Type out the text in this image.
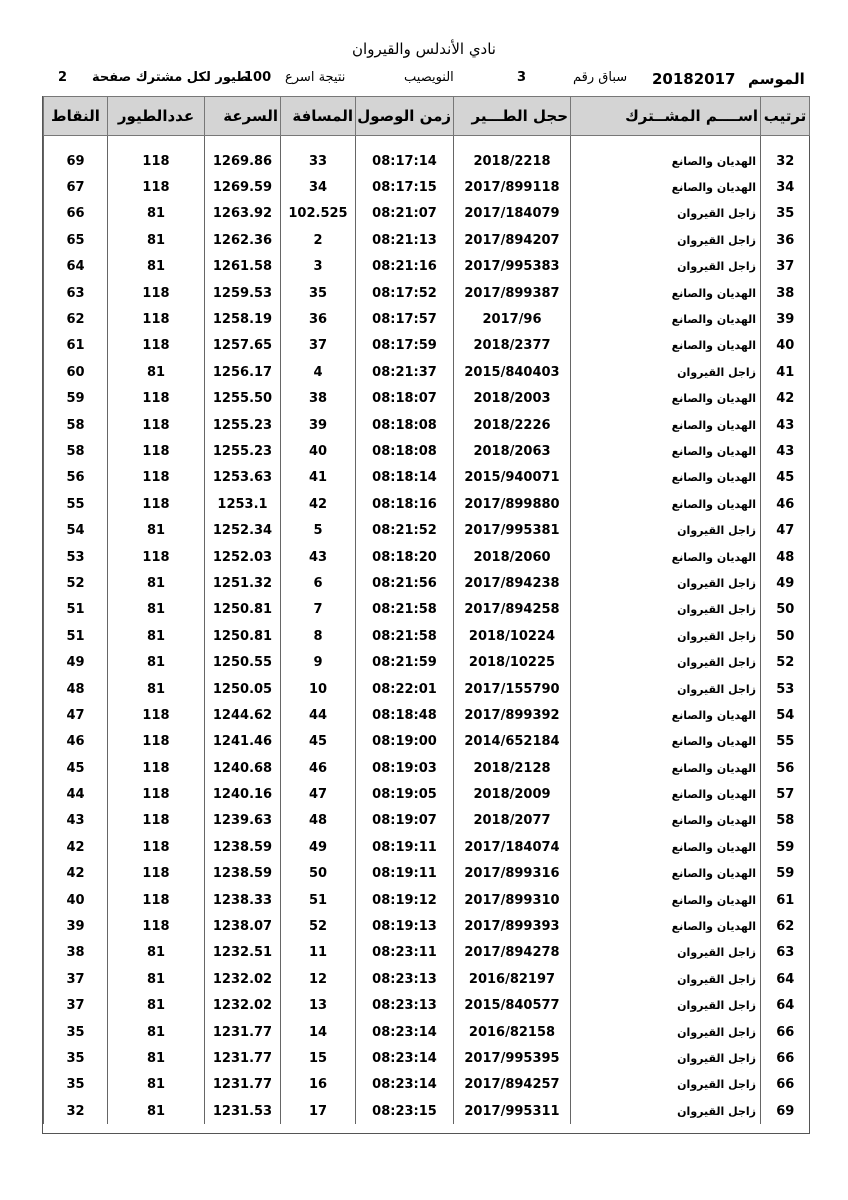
نادي الأندلس والقيروان
الموسم
20182017
سباق رقم
3
النويصيب
نتيجة اسرع
100
طيور لكل مشترك صفحة
2
ترتيب	اســــم المشــترك	حجل الطـــير	زمن الوصول	المسافة	السرعة	عددالطيور	النقاط

32	الهديان والصانع	2018/2218	08:17:14	33	1269.86	118	69
34	الهديان والصانع	2017/899118	08:17:15	34	1269.59	118	67
35	زاجل القيروان	2017/184079	08:21:07	102.525	1263.92	81	66
36	زاجل القيروان	2017/894207	08:21:13	2	1262.36	81	65
37	زاجل القيروان	2017/995383	08:21:16	3	1261.58	81	64
38	الهديان والصانع	2017/899387	08:17:52	35	1259.53	118	63
39	الهديان والصانع	2017/96	08:17:57	36	1258.19	118	62
40	الهديان والصانع	2018/2377	08:17:59	37	1257.65	118	61
41	زاجل القيروان	2015/840403	08:21:37	4	1256.17	81	60
42	الهديان والصانع	2018/2003	08:18:07	38	1255.50	118	59
43	الهديان والصانع	2018/2226	08:18:08	39	1255.23	118	58
43	الهديان والصانع	2018/2063	08:18:08	40	1255.23	118	58
45	الهديان والصانع	2015/940071	08:18:14	41	1253.63	118	56
46	الهديان والصانع	2017/899880	08:18:16	42	1253.1	118	55
47	زاجل القيروان	2017/995381	08:21:52	5	1252.34	81	54
48	الهديان والصانع	2018/2060	08:18:20	43	1252.03	118	53
49	زاجل القيروان	2017/894238	08:21:56	6	1251.32	81	52
50	زاجل القيروان	2017/894258	08:21:58	7	1250.81	81	51
50	زاجل القيروان	2018/10224	08:21:58	8	1250.81	81	51
52	زاجل القيروان	2018/10225	08:21:59	9	1250.55	81	49
53	زاجل القيروان	2017/155790	08:22:01	10	1250.05	81	48
54	الهديان والصانع	2017/899392	08:18:48	44	1244.62	118	47
55	الهديان والصانع	2014/652184	08:19:00	45	1241.46	118	46
56	الهديان والصانع	2018/2128	08:19:03	46	1240.68	118	45
57	الهديان والصانع	2018/2009	08:19:05	47	1240.16	118	44
58	الهديان والصانع	2018/2077	08:19:07	48	1239.63	118	43
59	الهديان والصانع	2017/184074	08:19:11	49	1238.59	118	42
59	الهديان والصانع	2017/899316	08:19:11	50	1238.59	118	42
61	الهديان والصانع	2017/899310	08:19:12	51	1238.33	118	40
62	الهديان والصانع	2017/899393	08:19:13	52	1238.07	118	39
63	زاجل القيروان	2017/894278	08:23:11	11	1232.51	81	38
64	زاجل القيروان	2016/82197	08:23:13	12	1232.02	81	37
64	زاجل القيروان	2015/840577	08:23:13	13	1232.02	81	37
66	زاجل القيروان	2016/82158	08:23:14	14	1231.77	81	35
66	زاجل القيروان	2017/995395	08:23:14	15	1231.77	81	35
66	زاجل القيروان	2017/894257	08:23:14	16	1231.77	81	35
69	زاجل القيروان	2017/995311	08:23:15	17	1231.53	81	32
